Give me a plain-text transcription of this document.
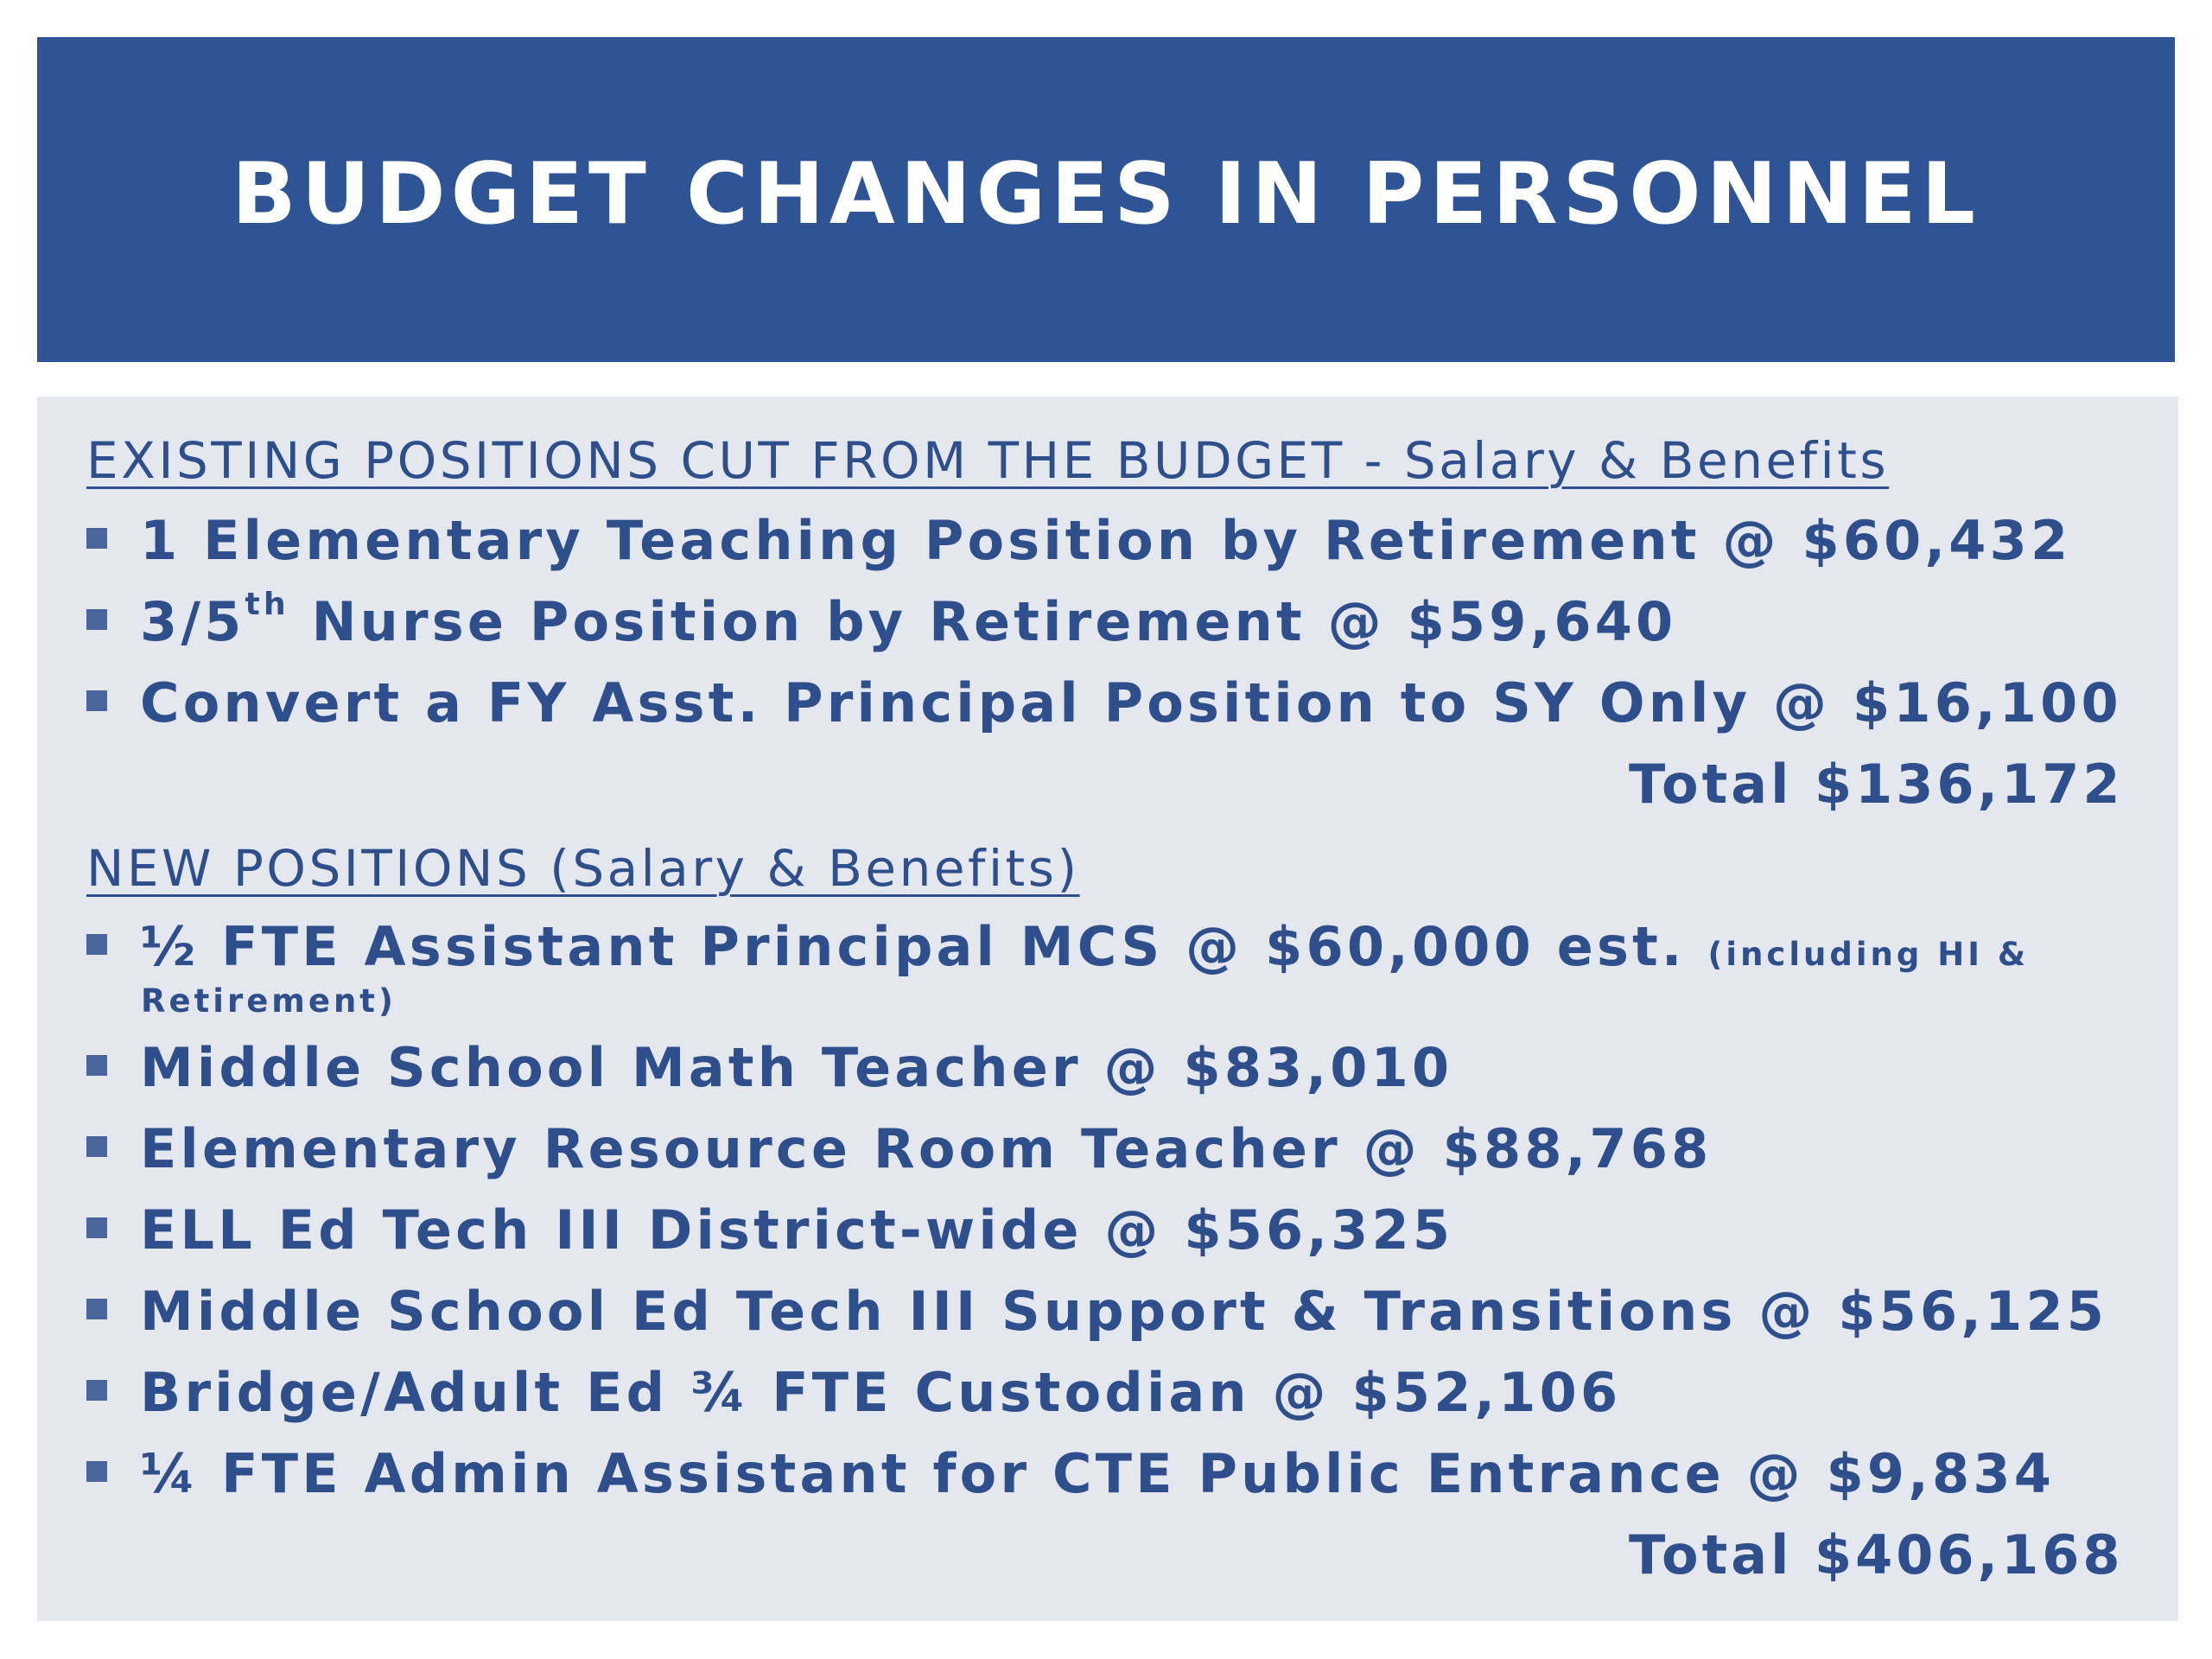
BUDGET CHANGES IN PERSONNEL
EXISTING POSITIONS CUT FROM THE BUDGET - Salary & Benefits
1 Elementary Teaching Position by Retirement @ $60,432
3/5th Nurse Position by Retirement @ $59,640
Convert a FY Asst. Principal Position to SY Only @ $16,100
Total $136,172
NEW POSITIONS (Salary & Benefits)
½ FTE Assistant Principal MCS @ $60,000 est. (including HI &
Retirement)
Middle School Math Teacher @ $83,010
Elementary Resource Room Teacher @ $88,768
ELL Ed Tech III District-wide @ $56,325
Middle School Ed Tech III Support & Transitions @ $56,125
Bridge/Adult Ed ¾ FTE Custodian @ $52,106
¼ FTE Admin Assistant for CTE Public Entrance @ $9,834
Total $406,168
